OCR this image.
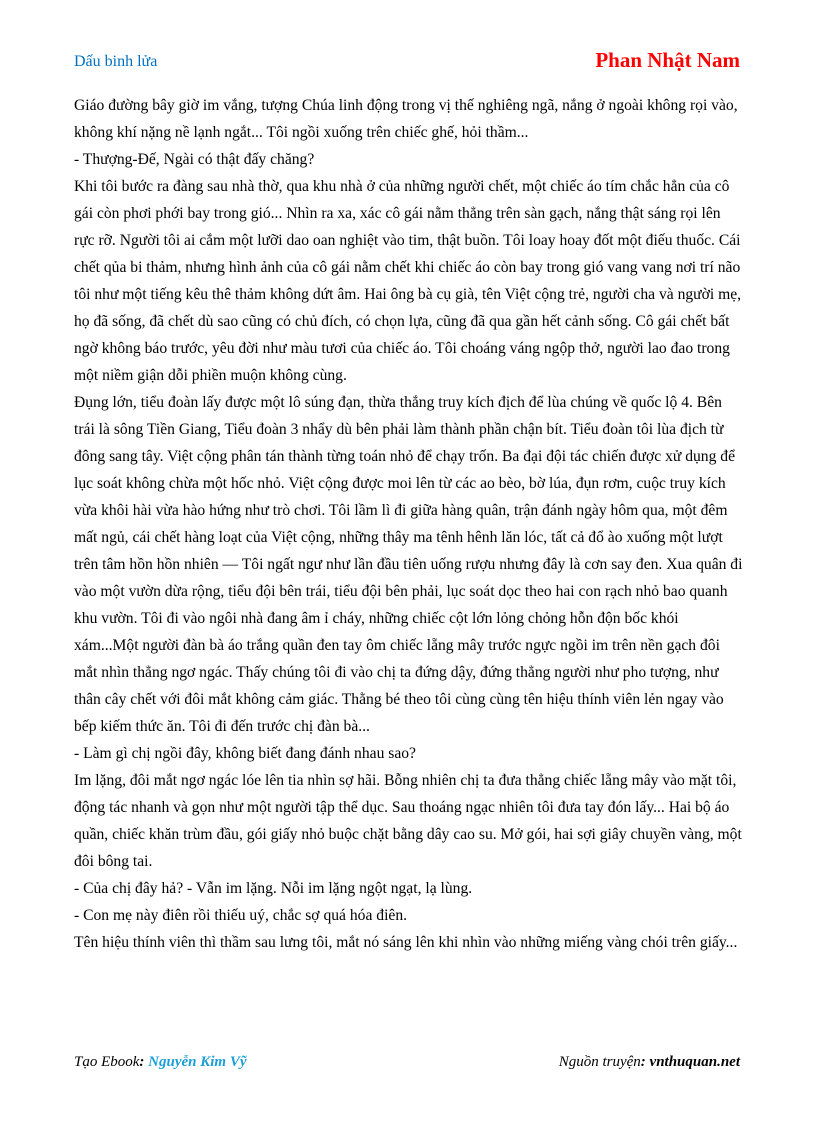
Dấu binh lửa	Phan Nhật Nam

Giáo đường bây giờ im vắng, tượng Chúa linh động trong vị thế nghiêng ngã, nắng ở ngoài không rọi vào, không khí nặng nề lạnh ngắt... Tôi ngồi xuống trên chiếc ghế, hỏi thầm...

- Thượng-Đế, Ngài có thật đấy chăng?

Khi tôi bước ra đàng sau nhà thờ, qua khu nhà ở của những người chết, một chiếc áo tím chắc hẳn của cô gái còn phơi phới bay trong gió... Nhìn ra xa, xác cô gái nằm thẳng trên sàn gạch, nắng thật sáng rọi lên rực rỡ. Người tôi ai cắm một lưỡi dao oan nghiệt vào tim, thật buồn. Tôi loay hoay đốt một điếu thuốc. Cái chết qủa bi thảm, nhưng hình ảnh của cô gái nằm chết khi chiếc áo còn bay trong gió vang vang nơi trí não tôi như một tiếng kêu thê thảm không dứt âm. Hai ông bà cụ già, tên Việt cộng trẻ, người cha và người mẹ, họ đã sống, đã chết dù sao cũng có chủ đích, có chọn lựa, cũng đã qua gần hết cảnh sống. Cô gái chết bất ngờ không báo trước, yêu đời như màu tươi của chiếc áo. Tôi choáng váng ngộp thở, người lao đao trong một niềm giận dỗi phiền muộn không cùng.

Đụng lớn, tiểu đoàn lấy được một lô súng đạn, thừa thắng truy kích địch để lùa chúng về quốc lộ 4. Bên trái là sông Tiền Giang, Tiểu đoàn 3 nhẩy dù bên phải làm thành phần chận bít. Tiểu đoàn tôi lùa địch từ đông sang tây. Việt cộng phân tán thành từng toán nhỏ để chạy trốn. Ba đại đội tác chiến được xử dụng để lục soát không chừa một hốc nhỏ. Việt cộng được moi lên từ các ao bèo, bờ lúa, đụn rơm, cuộc truy kích vừa khôi hài vừa hào hứng như trò chơi. Tôi lầm lì đi giữa hàng quân, trận đánh ngày hôm qua, một đêm mất ngủ, cái chết hàng loạt của Việt cộng, những thây ma tênh hênh lăn lóc, tất cả đổ ào xuống một lượt trên tâm hồn hồn nhiên — Tôi ngất ngư như lần đầu tiên uống rượu nhưng đây là cơn say đen. Xua quân đi vào một vườn dừa rộng, tiểu đội bên trái, tiểu đội bên phải, lục soát dọc theo hai con rạch nhỏ bao quanh khu vườn. Tôi đi vào ngôi nhà đang âm ỉ cháy, những chiếc cột lớn lỏng chỏng hỗn độn bốc khói xám...Một người đàn bà áo trắng quần đen tay ôm chiếc lẵng mây trước ngực ngồi im trên nền gạch đôi mắt nhìn thẳng ngơ ngác. Thấy chúng tôi đi vào chị ta đứng dậy, đứng thẳng người như pho tượng, như thân cây chết với đôi mắt không cảm giác. Thằng bé theo tôi cùng cùng tên hiệu thính viên lẻn ngay vào bếp kiếm thức ăn. Tôi đi đến trước chị đàn bà...

- Làm gì chị ngồi đây, không biết đang đánh nhau sao?

Im lặng, đôi mắt ngơ ngác lóe lên tia nhìn sợ hãi. Bỗng nhiên chị ta đưa thẳng chiếc lẵng mây vào mặt tôi, động tác nhanh và gọn như một người tập thể dục. Sau thoáng ngạc nhiên tôi đưa tay đón lấy... Hai bộ áo quần, chiếc khăn trùm đầu, gói giấy nhỏ buộc chặt bằng dây cao su. Mở gói, hai sợi giây chuyền vàng, một đôi bông tai.

- Của chị đây hả? - Vẫn im lặng. Nỗi im lặng ngột ngạt, lạ lùng.

- Con mẹ này điên rồi thiếu uý, chắc sợ quá hóa điên.

Tên hiệu thính viên thì thầm sau lưng tôi, mắt nó sáng lên khi nhìn vào những miếng vàng chói trên giấy...

Tạo Ebook: Nguyễn Kim Vỹ	Nguồn truyện: vnthuquan.net
